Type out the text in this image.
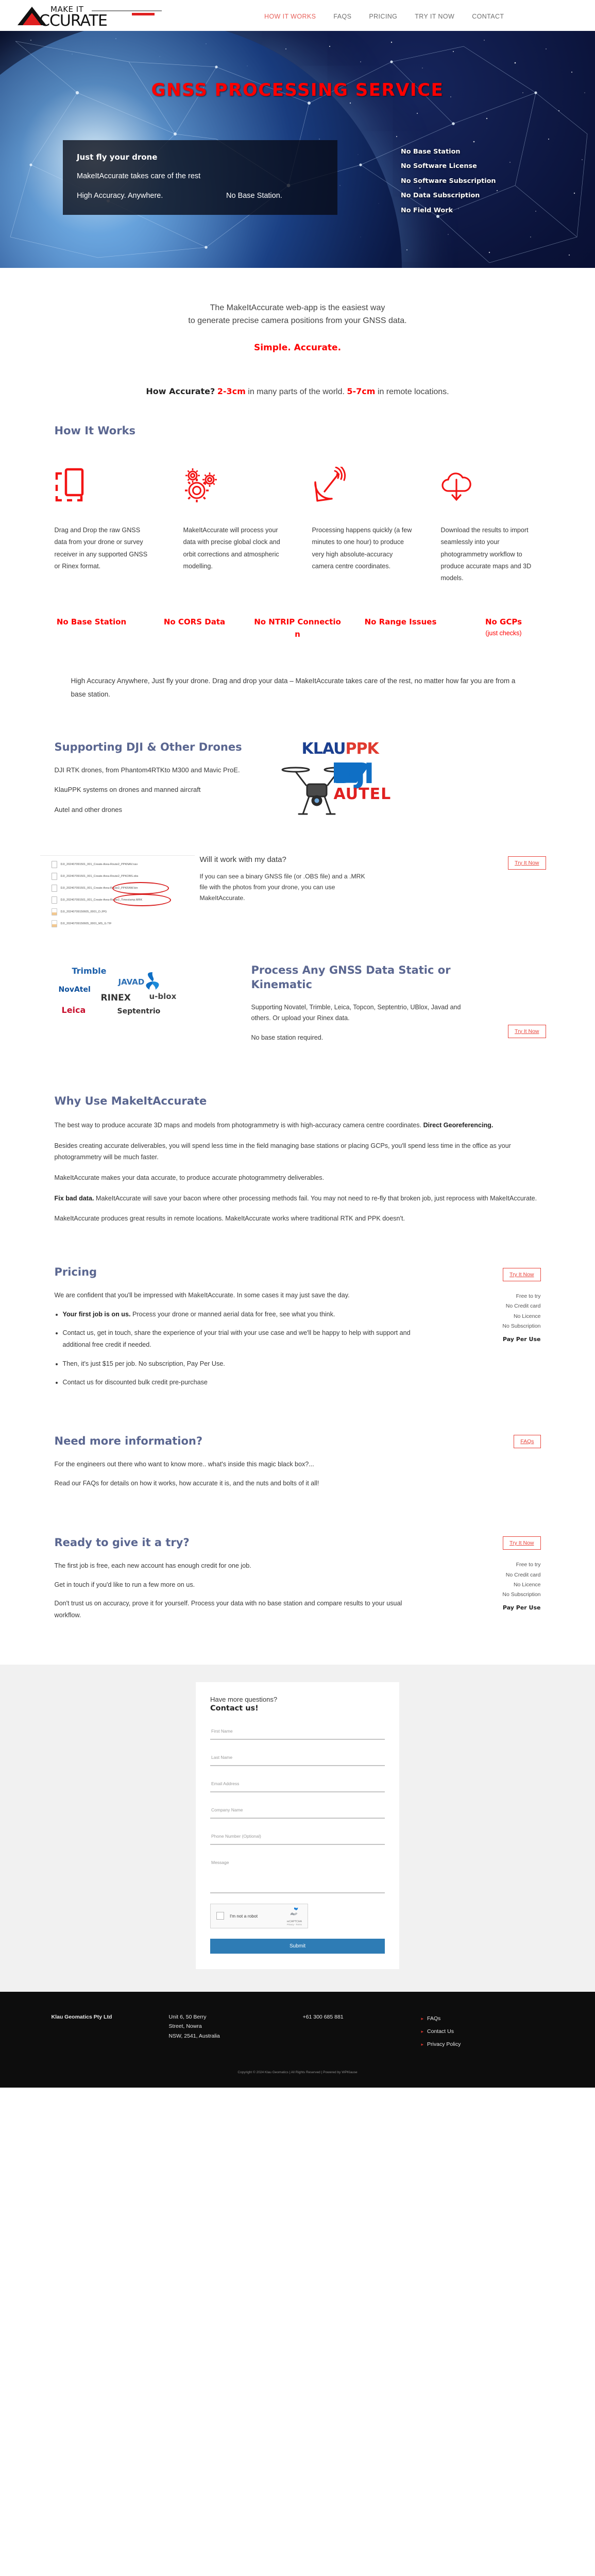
MAKE IT
CCURATE	HOW IT WORKS	FAQS	PRICING	TRY IT NOW	CONTACT
GNSS PROCESSING SERVICE
Just fly your drone
MakeItAccurate takes care of the rest
High Accuracy. Anywhere.	No Base Station.
No Base Station
No Software License
No Software Subscription
No Data Subscription
No Field Work

The MakeItAccurate web-app is the easiest way

to generate precise camera positions from your GNSS data.

Simple. Accurate.

How Accurate? 2-3cm in many parts of the world. 5-7cm in remote locations.
How It Works

Drag and Drop the raw GNSS data from your drone or survey receiver in any supported GNSS or Rinex format.

MakeItAccurate will process your data with precise global clock and orbit corrections and atmospheric modelling.

Processing happens quickly (a few minutes to one hour) to produce very high absolute-accuracy camera centre coordinates.

Download the results to import seamlessly into your photogrammetry workflow to produce accurate maps and 3D models.

No Base Station	No CORS Data	No NTRIP Connectio n
No Range Issues	No GCPs
(just checks)
High Accuracy Anywhere, Just fly your drone. Drag and drop your data – MakeItAccurate takes care of the rest, no matter how far you are from a base station.
Supporting DJI & Other Drones

DJI RTK drones, from Phantom4RTKto M300 and Mavic ProE.

KlauPPK systems on drones and manned aircraft

Autel and other drones

KLAUPPK
DJI
AUTEL
DJI_202407091501_001_Create-Area-Route2_PPKNAV.nav
DJI_202407091501_001_Create-Area-Route2_PPKOBS.obs
DJI_202407091501_001_Create-Area-Route2_PPKRAW.bin
DJI_202407091501_001_Create-Area-Route2_Timestamp.MRK
DJI_20240709150605_0001_D.JPG
DJI_20240709150605_0001_MS_G.TIF
Will it work with my data?

If you can see a binary GNSS file (or .OBS file) and a .MRK file with the photos from your drone, you can use MakeItAccurate.

Try It Now
Trimble
JAVAD
NovAtel
RINEX u-blox
Leica	Septentrio
Process Any GNSS Data Static or Kinematic

Supporting Novatel, Trimble, Leica, Topcon, Septentrio, UBlox, Javad and others. Or upload your Rinex data.

No base station required.

Try It Now
Why Use MakeItAccurate

The best way to produce accurate 3D maps and models from photogrammetry is with high-accuracy camera centre coordinates. Direct Georeferencing.

Besides creating accurate deliverables, you will spend less time in the field managing base stations or placing GCPs, you'll spend less time in the office as your photogrammetry will be much faster.

MakeItAccurate makes your data accurate, to produce accurate photogrammetry deliverables.

Fix bad data. MakeItAccurate will save your bacon where other processing methods fail. You may not need to re-fly that broken job, just reprocess with MakeItAccurate.

MakeItAccurate produces great results in remote locations. MakeItAccurate works where traditional RTK and PPK doesn't.

Pricing

We are confident that you'll be impressed with MakeItAccurate. In some cases it may just save the day.

• Your first job is on us. Process your drone or manned aerial data for free, see what you think.
• Contact us, get in touch, share the experience of your trial with your use case and we'll be happy to help with support and additional free credit if needed.
• Then, it's just $15 per job. No subscription, Pay Per Use.
• Contact us for discounted bulk credit pre-purchase
Try It Now
Free to try
No Credit card
No Licence
No Subscription
Pay Per Use
Need more information?

For the engineers out there who want to know more.. what's inside this magic black box?...

Read our FAQs for details on how it works, how accurate it is, and the nuts and bolts of it all!

FAQs
Ready to give it a try?

The first job is free, each new account has enough credit for one job.

Get in touch if you'd like to run a few more on us.

Don't trust us on accuracy, prove it for yourself. Process your data with no base station and compare results to your usual workflow.

Try It Now
Free to try
No Credit card
No Licence
No Subscription
Pay Per Use
Have more questions?
Contact us!
First Name
Last Name
Email Address
Company Name
Phone Number (Optional)
Message
I'm not a robot
reCAPTCHA
Privacy - Terms
Submit
Klau Geomatics Pty Ltd	Unit 6, 50 Berry
Street, Nowra
NSW, 2541, Australia
+61 300 685 881	▸ FAQs
▸ Contact Us
▸ Privacy Policy
Copyright © 2024 Klau Geomatics | All Rights Reserved | Powered by WPKlause
